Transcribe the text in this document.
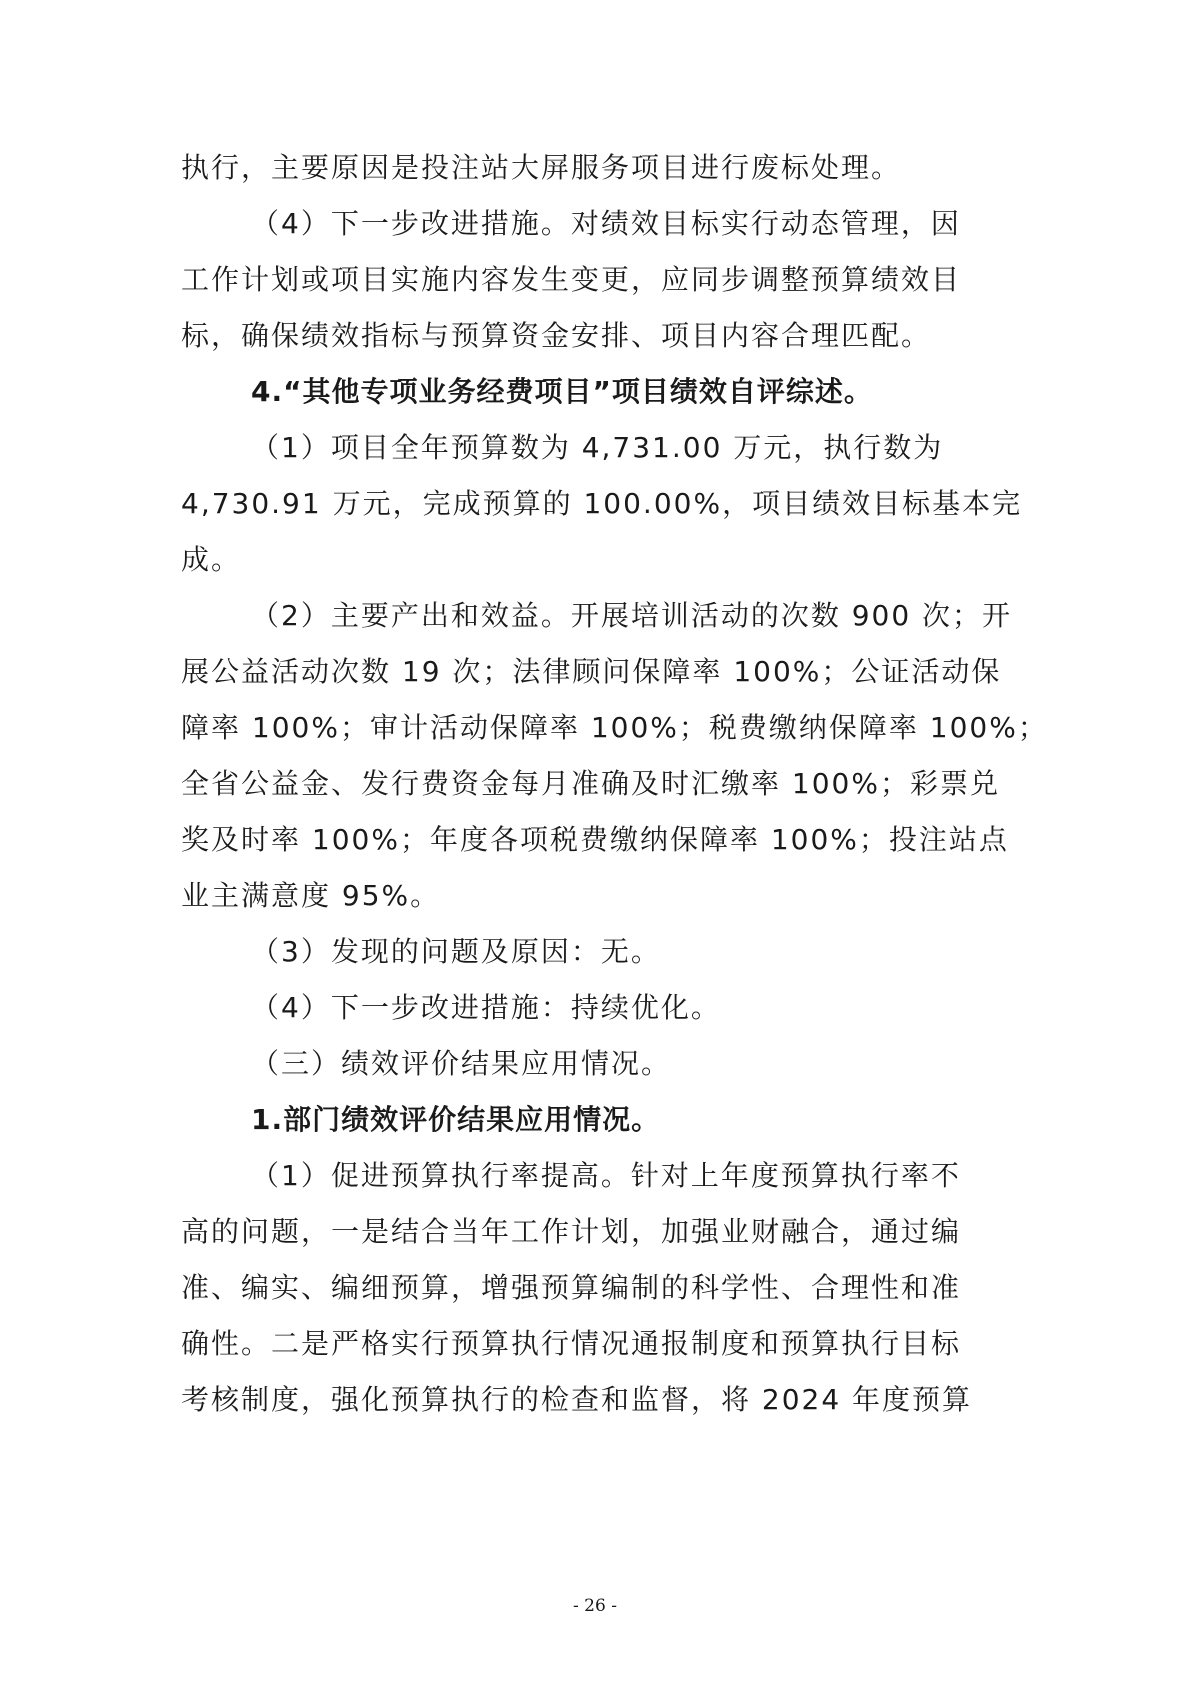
执行，主要原因是投注站大屏服务项目进行废标处理。
（4）下一步改进措施。对绩效目标实行动态管理，因
工作计划或项目实施内容发生变更，应同步调整预算绩效目
标，确保绩效指标与预算资金安排、项目内容合理匹配。
4.“其他专项业务经费项目”项目绩效自评综述。
（1）项目全年预算数为 4,731.00 万元，执行数为
4,730.91 万元，完成预算的 100.00%，项目绩效目标基本完
成。
（2）主要产出和效益。开展培训活动的次数 900 次；开
展公益活动次数 19 次；法律顾问保障率 100%；公证活动保
障率 100%；审计活动保障率 100%；税费缴纳保障率 100%；
全省公益金、发行费资金每月准确及时汇缴率 100%；彩票兑
奖及时率 100%；年度各项税费缴纳保障率 100%；投注站点
业主满意度 95%。
（3）发现的问题及原因：无。
（4）下一步改进措施：持续优化。
（三）绩效评价结果应用情况。
1.部门绩效评价结果应用情况。
（1）促进预算执行率提高。针对上年度预算执行率不
高的问题，一是结合当年工作计划，加强业财融合，通过编
准、编实、编细预算，增强预算编制的科学性、合理性和准
确性。二是严格实行预算执行情况通报制度和预算执行目标
考核制度，强化预算执行的检查和监督，将 2024 年度预算
- 26 -
